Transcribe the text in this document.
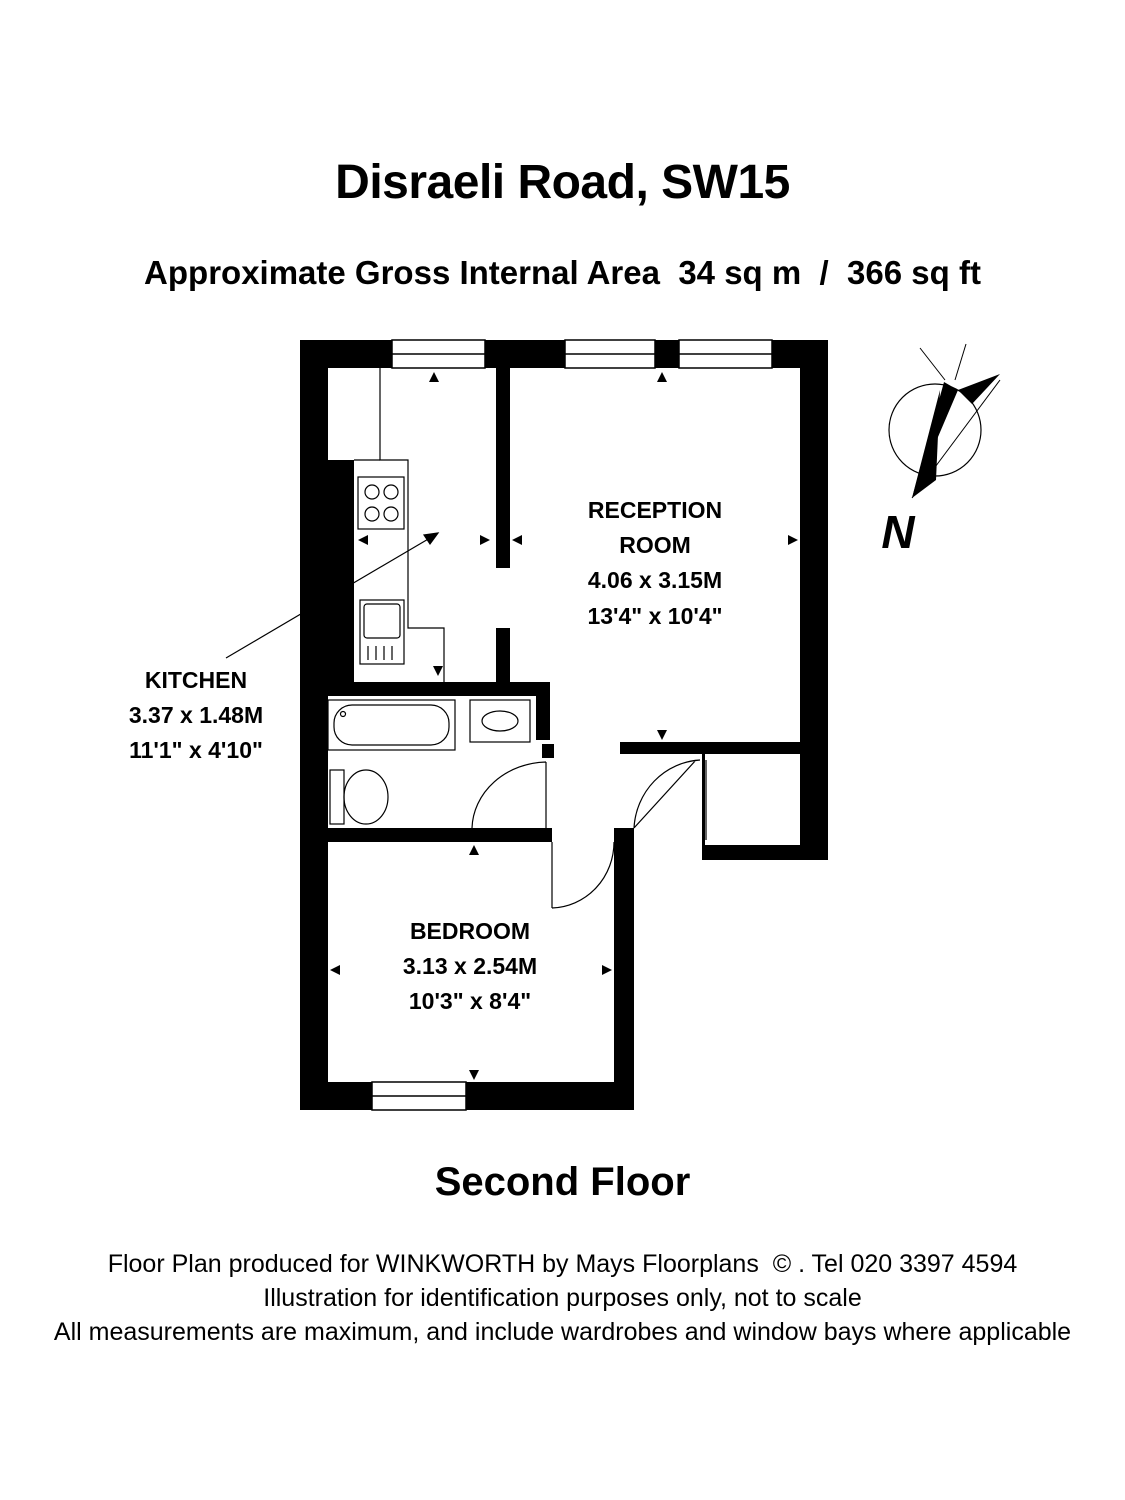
Disraeli Road, SW15
Approximate Gross Internal Area  34 sq m  /  366 sq ft
RECEPTION
ROOM
4.06 x 3.15M
13'4" x 10'4"
KITCHEN
3.37 x 1.48M
11'1" x 4'10"
BEDROOM
3.13 x 2.54M
10'3" x 8'4"
N
Second Floor
Floor Plan produced for WINKWORTH by Mays Floorplans  © . Tel 020 3397 4594
Illustration for identification purposes only, not to scale
All measurements are maximum, and include wardrobes and window bays where applicable
